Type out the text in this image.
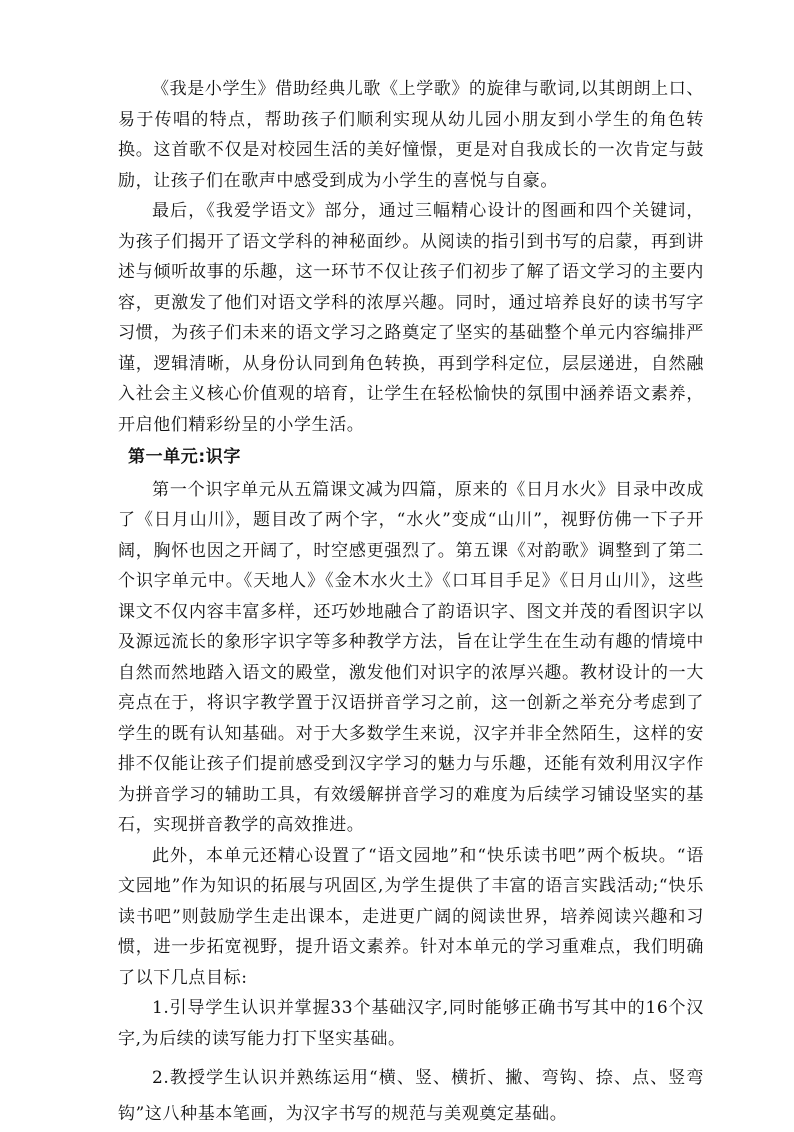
《我是小学生》借助经典儿歌《上学歌》的旋律与歌词,以其朗朗上口、易于传唱的特点，帮助孩子们顺利实现从幼儿园小朋友到小学生的角色转换。这首歌不仅是对校园生活的美好憧憬，更是对自我成长的一次肯定与鼓励，让孩子们在歌声中感受到成为小学生的喜悦与自豪。

最后，《我爱学语文》部分，通过三幅精心设计的图画和四个关键词，为孩子们揭开了语文学科的神秘面纱。从阅读的指引到书写的启蒙，再到讲述与倾听故事的乐趣，这一环节不仅让孩子们初步了解了语文学习的主要内容，更激发了他们对语文学科的浓厚兴趣。同时，通过培养良好的读书写字习惯，为孩子们未来的语文学习之路奠定了坚实的基础整个单元内容编排严谨，逻辑清晰，从身份认同到角色转换，再到学科定位，层层递进，自然融入社会主义核心价值观的培育，让学生在轻松愉快的氛围中涵养语文素养，开启他们精彩纷呈的小学生活。

第一单元:识字

第一个识字单元从五篇课文减为四篇，原来的《日月水火》目录中改成了《日月山川》，题目改了两个字，“水火”变成“山川”，视野仿佛一下子开阔，胸怀也因之开阔了，时空感更强烈了。第五课《对韵歌》调整到了第二个识字单元中。《天地人》《金木水火土》《口耳目手足》《日月山川》，这些课文不仅内容丰富多样，还巧妙地融合了韵语识字、图文并茂的看图识字以及源远流长的象形字识字等多种教学方法，旨在让学生在生动有趣的情境中自然而然地踏入语文的殿堂，激发他们对识字的浓厚兴趣。教材设计的一大亮点在于，将识字教学置于汉语拼音学习之前，这一创新之举充分考虑到了学生的既有认知基础。对于大多数学生来说，汉字并非全然陌生，这样的安排不仅能让孩子们提前感受到汉字学习的魅力与乐趣，还能有效利用汉字作为拼音学习的辅助工具，有效缓解拼音学习的难度为后续学习铺设坚实的基石，实现拼音教学的高效推进。

此外，本单元还精心设置了“语文园地”和“快乐读书吧”两个板块。“语文园地”作为知识的拓展与巩固区,为学生提供了丰富的语言实践活动;“快乐读书吧”则鼓励学生走出课本，走进更广阔的阅读世界，培养阅读兴趣和习惯，进一步拓宽视野，提升语文素养。针对本单元的学习重难点，我们明确了以下几点目标:

1.引导学生认识并掌握33个基础汉字,同时能够正确书写其中的16个汉字,为后续的读写能力打下坚实基础。

2.教授学生认识并熟练运用“横、竖、横折、撇、弯钩、捺、点、竖弯钩”这八种基本笔画，为汉字书写的规范与美观奠定基础。
